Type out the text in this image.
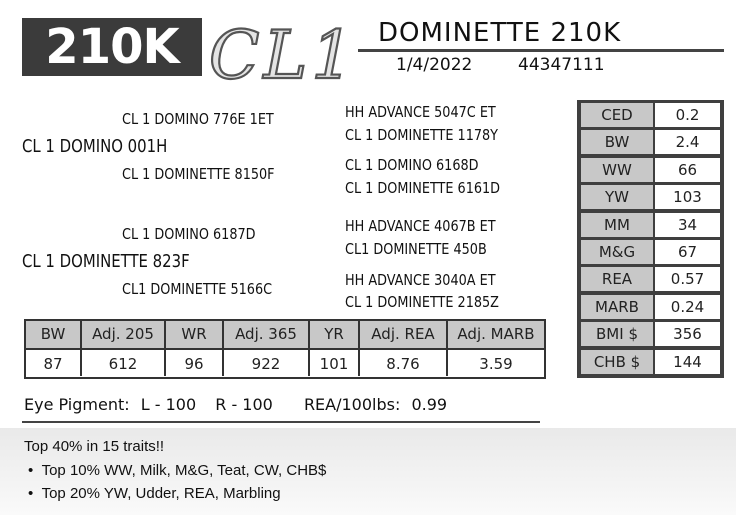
210K CL1 DOMINETTE 210K
1/4/2022	44347111
CL 1 DOMINO 776E 1ET
CL 1 DOMINO 001H
CL 1 DOMINETTE 8150F
HH ADVANCE 5047C ET
CL 1 DOMINETTE 1178Y
CL 1 DOMINO 6168D
CL 1 DOMINETTE 6161D
CL 1 DOMINO 6187D
CL 1 DOMINETTE 823F
CL1 DOMINETTE 5166C
HH ADVANCE 4067B ET
CL1 DOMINETTE 450B
HH ADVANCE 3040A ET
CL 1 DOMINETTE 2185Z
CED	0.2
BW	2.4
WW	66
YW	103
MM	34
M&G	67
REA	0.57
MARB	0.24
BMI $	356
CHB $	144
BW	Adj. 205	WR	Adj. 365	YR	Adj. REA	Adj. MARB
87	612	96	922	101	8.76	3.59
Eye Pigment: L - 100 R - 100 REA/100lbs: 0.99
Top 40% in 15 traits!!
•  Top 10% WW, Milk, M&G, Teat, CW, CHB$
•  Top 20% YW, Udder, REA, Marbling
